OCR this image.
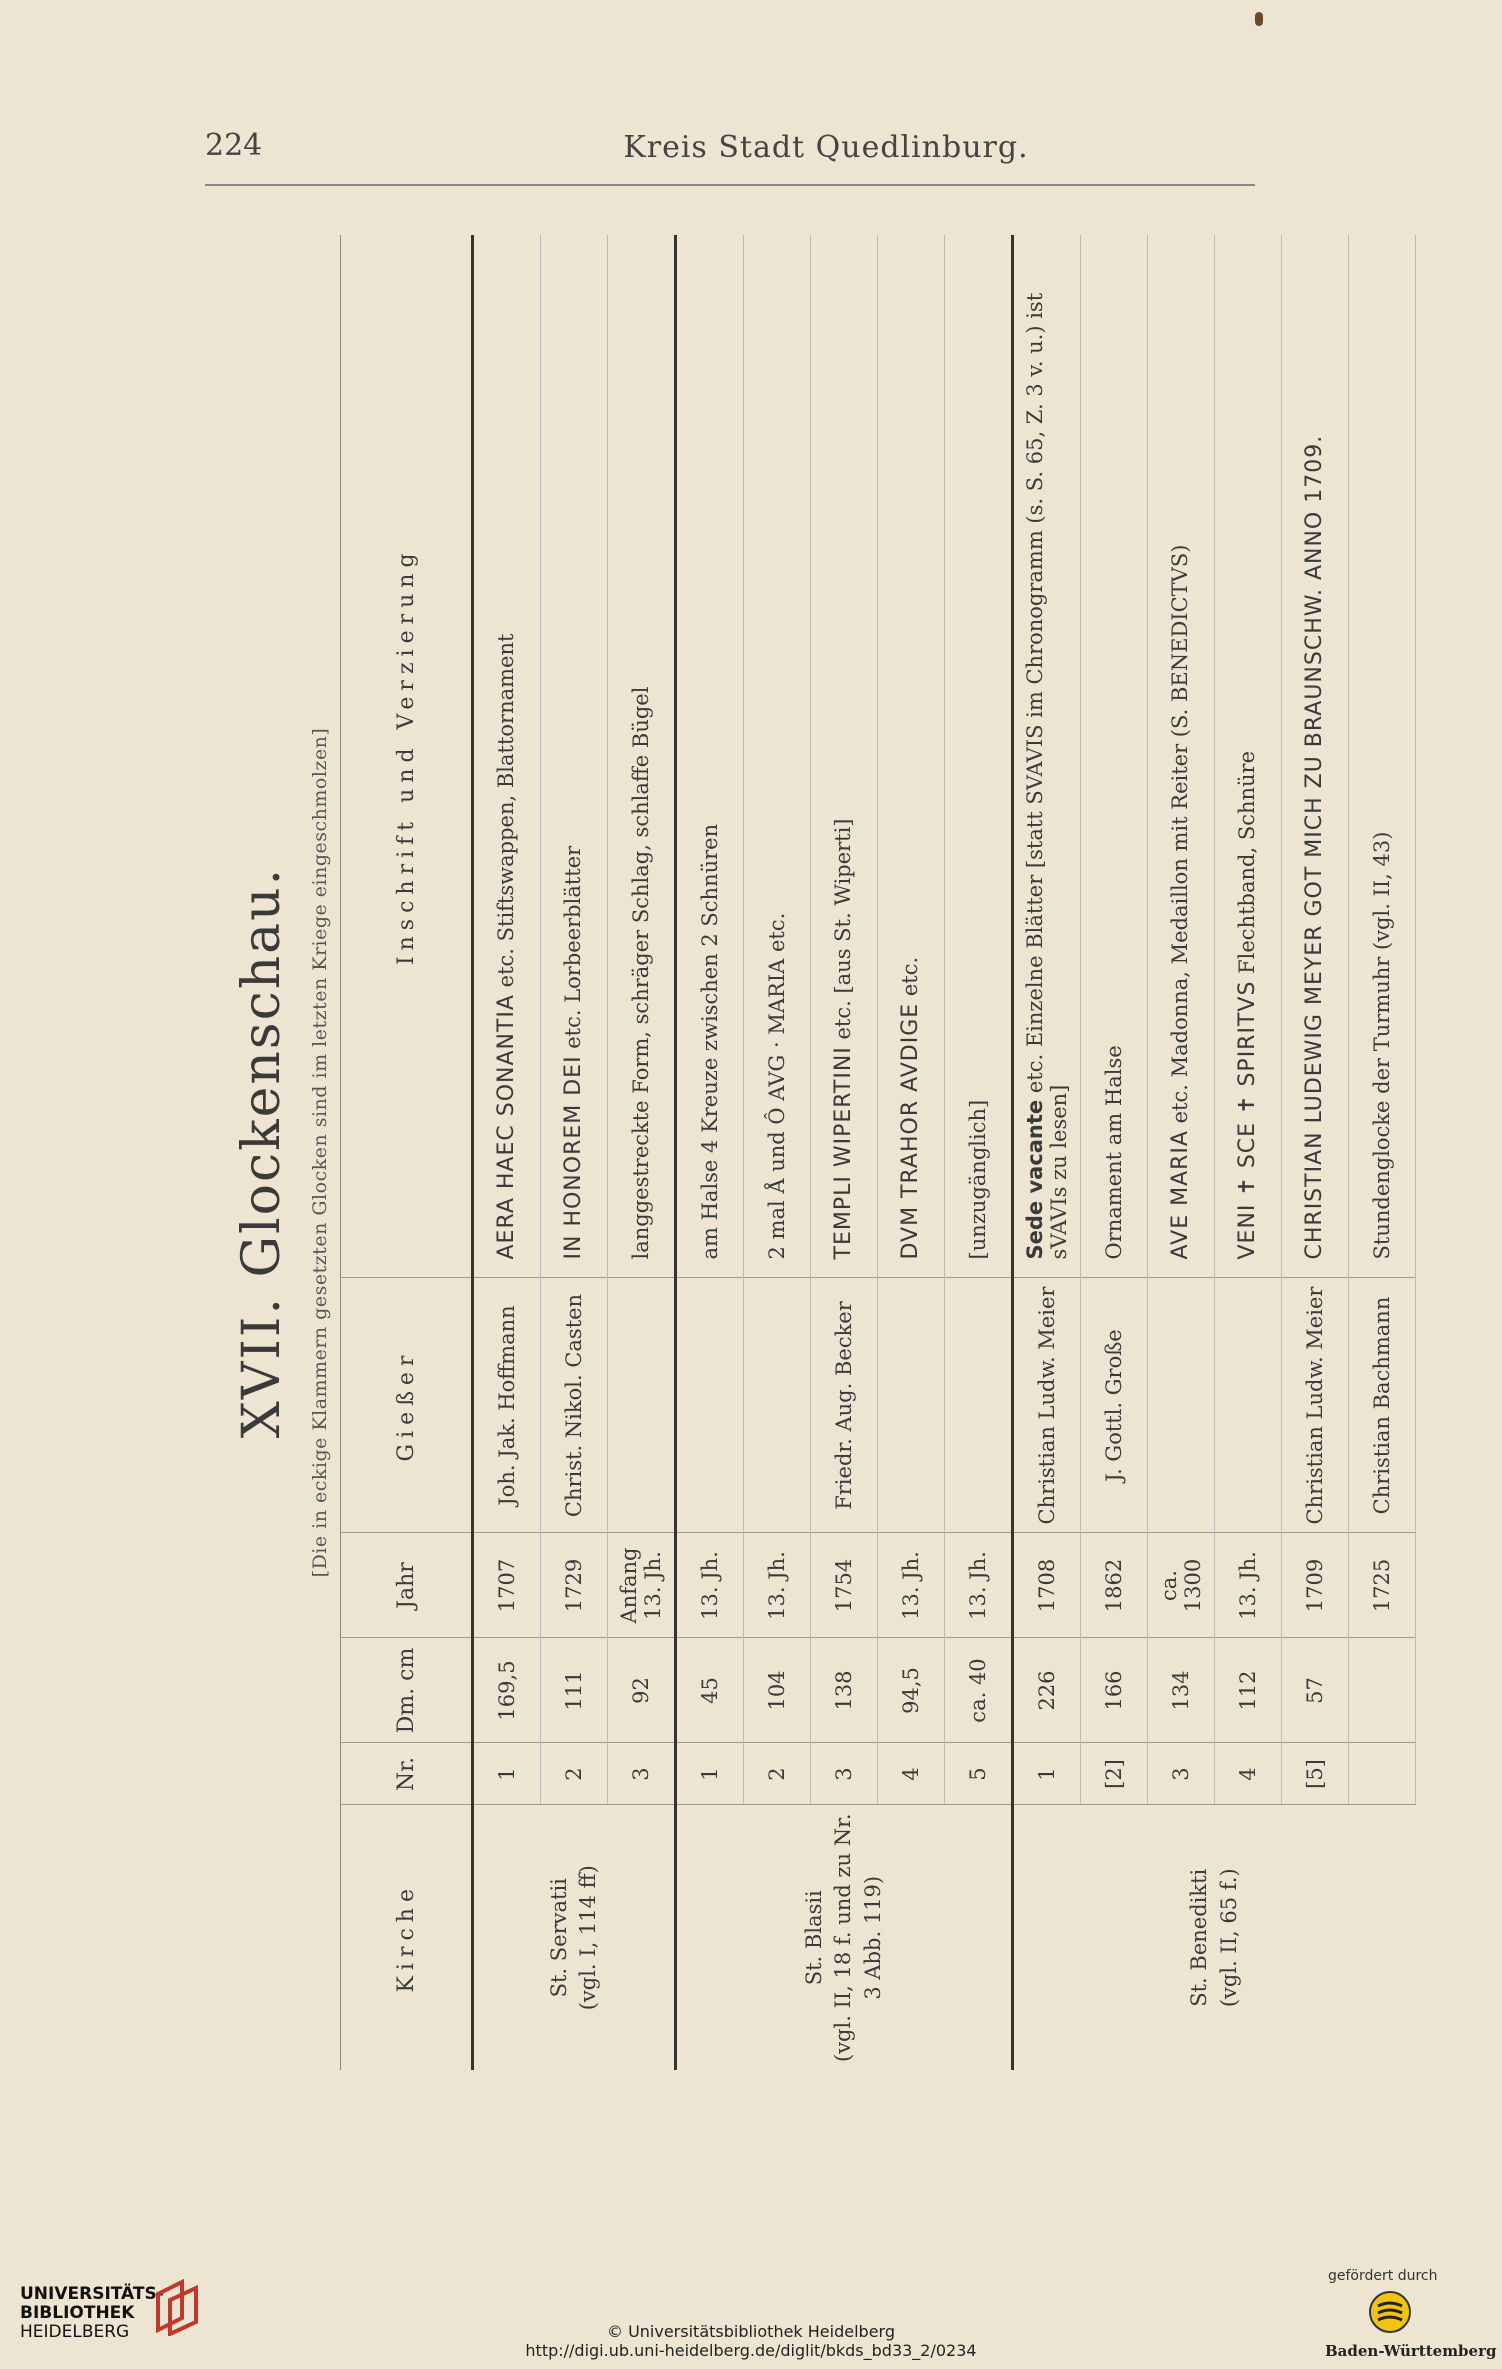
224	Kreis Stadt Quedlinburg.
XVII. Glockenschau. [Die in eckige Klammern gesetzten Glocken sind im letzten Kriege eingeschmolzen]
Kirche	Nr.	Dm. cm	Jahr	Gießer	Inschrift und Verzierung

St. Servatii (vgl. I, 114 ff)	1	169,5	1707	Joh. Jak. Hoffmann	AERA HAEC SONANTIA etc. Stiftswappen, Blattornament
	2	111	1729	Christ. Nikol. Casten	IN HONOREM DEI etc. Lorbeerblätter
	3	92	Anfang 13. Jh.		langgestreckte Form, schräger Schlag, schlaffe Bügel

St. Blasii (vgl. II, 18 f. und zu Nr. 3 Abb. 119)	1	45	13. Jh.		am Halse 4 Kreuze zwischen 2 Schnüren
	2	104	13. Jh.		2 mal Å und Ô AVG · MARIA etc.
	3	138	1754	Friedr. Aug. Becker	TEMPLI WIPERTINI etc. [aus St. Wiperti]
	4	94,5	13. Jh.		DVM TRAHOR AVDIGE etc.
	5	ca. 40	13. Jh.		[unzugänglich]

St. Benedikti (vgl. II, 65 f.)	1	226	1708	Christian Ludw. Meier	Sede vacante etc. Einzelne Blätter [statt SVAVIS im Chronogramm (s. S. 65, Z. 3 v. u.) ist sVAVIs zu lesen]
	[2]	166	1862	J. Gottl. Große	Ornament am Halse
	3	134	ca. 1300		AVE MARIA etc. Madonna, Medaillon mit Reiter (S. BENEDICTVS)
	4	112	13. Jh.		VENI ✝ SCE ✝ SPIRITVS Flechtband, Schnüre
	[5]	57	1709	Christian Ludw. Meier	CHRISTIAN LUDEWIG MEYER GOT MICH ZU BRAUNSCHW. ANNO 1709.
			1725	Christian Bachmann	Stundenglocke der Turmuhr (vgl. II, 43)
UNIVERSITÄTS-
BIBLIOTHEK
HEIDELBERG	© Universitätsbibliothek Heidelberg
http://digi.ub.uni-heidelberg.de/diglit/bkds_bd33_2/0234
gefördert durch
Baden-Württemberg
